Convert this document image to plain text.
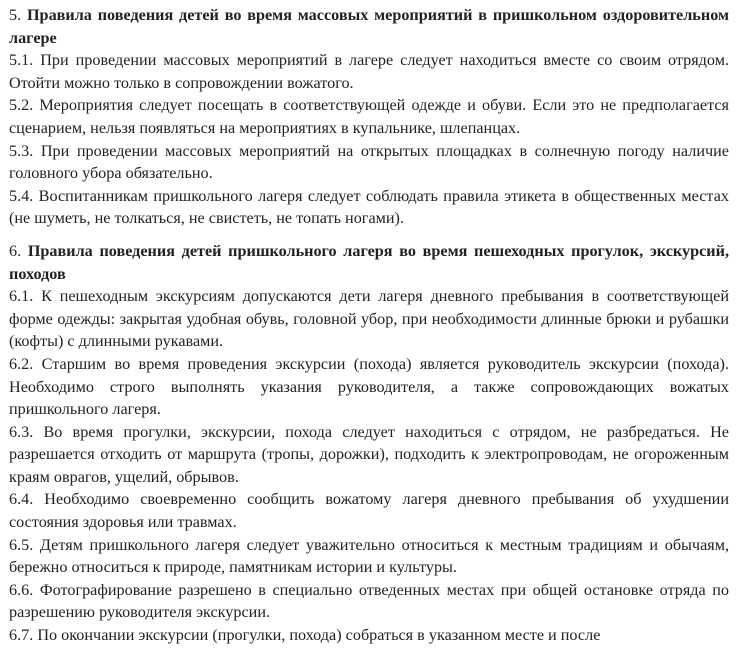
5. Правила поведения детей во время массовых мероприятий в пришкольном оздоровительном лагере

5.1. При проведении массовых мероприятий в лагере следует находиться вместе со своим отрядом. Отойти можно только в сопровождении вожатого.

5.2. Мероприятия следует посещать в соответствующей одежде и обуви. Если это не предполагается сценарием, нельзя появляться на мероприятиях в купальнике, шлепанцах.

5.3. При проведении массовых мероприятий на открытых площадках в солнечную погоду наличие головного убора обязательно.

5.4. Воспитанникам пришкольного лагеря следует соблюдать правила этикета в общественных местах (не шуметь, не толкаться, не свистеть, не топать ногами).

6. Правила поведения детей пришкольного лагеря во время пешеходных прогулок, экскурсий, походов

6.1. К пешеходным экскурсиям допускаются дети лагеря дневного пребывания в соответствующей форме одежды: закрытая удобная обувь, головной убор, при необходимости длинные брюки и рубашки (кофты) с длинными рукавами.

6.2. Старшим во время проведения экскурсии (похода) является руководитель экскурсии (похода). Необходимо строго выполнять указания руководителя, а также сопровождающих вожатых пришкольного лагеря.

6.3. Во время прогулки, экскурсии, похода следует находиться с отрядом, не разбредаться. Не разрешается отходить от маршрута (тропы, дорожки), подходить к электропроводам, не огороженным краям оврагов, ущелий, обрывов.

6.4. Необходимо своевременно сообщить вожатому лагеря дневного пребывания об ухудшении состояния здоровья или травмах.

6.5. Детям пришкольного лагеря следует уважительно относиться к местным традициям и обычаям, бережно относиться к природе, памятникам истории и культуры.

6.6. Фотографирование разрешено в специально отведенных местах при общей остановке отряда по разрешению руководителя экскурсии.

6.7. По окончании экскурсии (прогулки, похода) собраться в указанном месте и после
